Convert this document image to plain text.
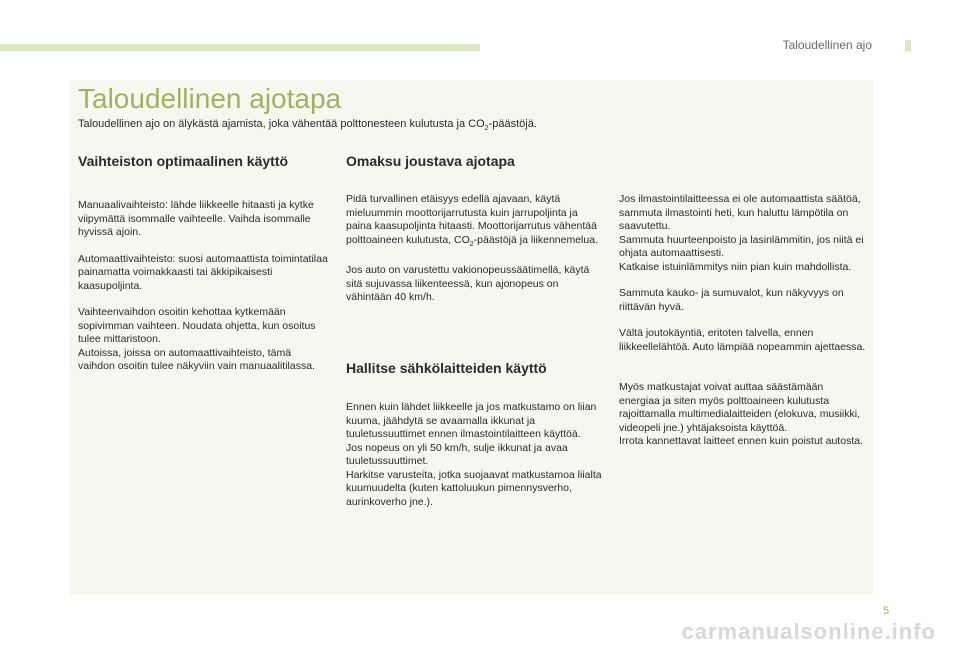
Taloudellinen ajo
Taloudellinen ajotapa
Taloudellinen ajo on älykästä ajamista, joka vähentää polttonesteen kulutusta ja $CO_2$-päästöjä.
Vaihteiston optimaalinen käyttö

Manuaalivaihteisto: lähde liikkeelle hitaasti ja kytke viipymättä isommalle vaihteelle. Vaihda isommalle hyvissä ajoin.

Automaattivaihteisto: suosi automaattista toimintatilaa painamatta voimakkaasti tai äkkipikaisesti kaasupoljinta.

Vaihteenvaihdon osoitin kehottaa kytkemään sopivimman vaihteen. Noudata ohjetta, kun osoitus tulee mittaristoon.

Autoissa, joissa on automaattivaihteisto, tämä vaihdon osoitin tulee näkyviin vain manuaalitilassa.

Omaksu joustava ajotapa

Pidä turvallinen etäisyys edellä ajavaan, käytä mieluummin moottorijarrutusta kuin jarrupoljinta ja paina kaasupoljinta hitaasti. Moottorijarrutus vähentää polttoaineen kulutusta, $CO_2$-päästöjä ja liikennemelua.

Jos auto on varustettu vakionopeussäätimellä, käytä sitä sujuvassa liikenteessä, kun ajonopeus on vähintään 40 km/h.

Hallitse sähkölaitteiden käyttö

Ennen kuin lähdet liikkeelle ja jos matkustamo on liian kuuma, jäähdytä se avaamalla ikkunat ja tuuletussuuttimet ennen ilmastointilaitteen käyttöä.

Jos nopeus on yli 50 km/h, sulje ikkunat ja avaa tuuletussuuttimet.

Harkitse varusteita, jotka suojaavat matkustamoa liialta kuumuudelta (kuten kattoluukun pimennysverho, aurinkoverho jne.).

Jos ilmastointilaitteessa ei ole automaattista säätöä, sammuta ilmastointi heti, kun haluttu lämpötila on saavutettu.

Sammuta huurteenpoisto ja lasinlämmitin, jos niitä ei ohjata automaattisesti.

Katkaise istuinlämmitys niin pian kuin mahdollista.

Sammuta kauko- ja sumuvalot, kun näkyvyys on riittävän hyvä.

Vältä joutokäyntiä, eritoten talvella, ennen liikkeellelähtöä. Auto lämpiää nopeammin ajettaessa.

Myös matkustajat voivat auttaa säästämään energiaa ja siten myös polttoaineen kulutusta rajoittamalla multimedialaitteiden (elokuva, musiikki, videopeli jne.) yhtäjaksoista käyttöä.

Irrota kannettavat laitteet ennen kuin poistut autosta.

5
carmanualsonline.info
